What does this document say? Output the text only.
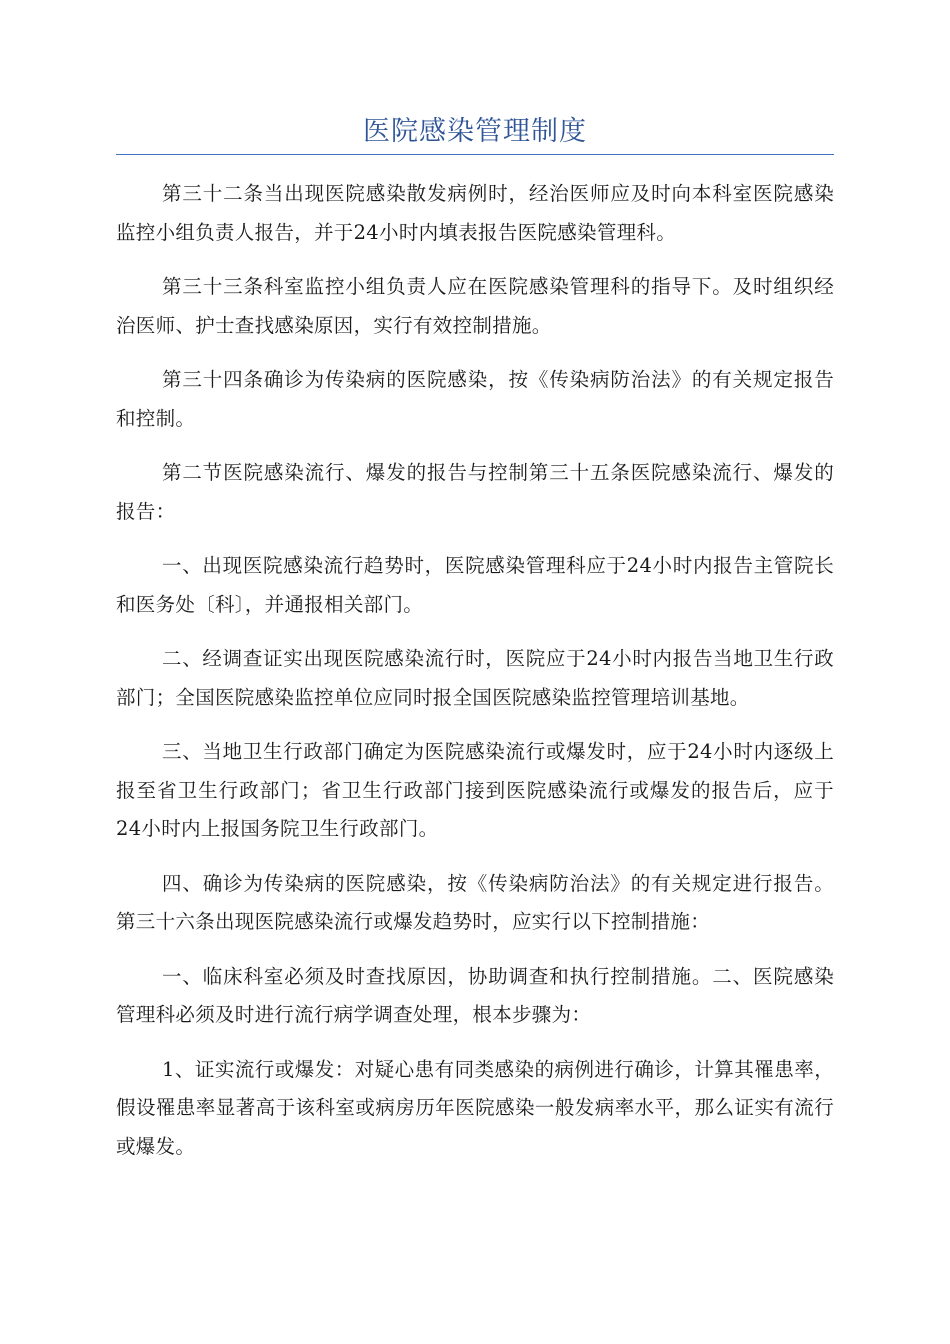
医院感染管理制度

第三十二条当出现医院感染散发病例时，经治医师应及时向本科室医院感染监控小组负责人报告，并于24小时内填表报告医院感染管理科。

第三十三条科室监控小组负责人应在医院感染管理科的指导下。及时组织经治医师、护士查找感染原因，实行有效控制措施。

第三十四条确诊为传染病的医院感染，按《传染病防治法》的有关规定报告和控制。

第二节医院感染流行、爆发的报告与控制第三十五条医院感染流行、爆发的报告：

一、出现医院感染流行趋势时，医院感染管理科应于24小时内报告主管院长和医务处〔科〕，并通报相关部门。

二、经调查证实出现医院感染流行时，医院应于24小时内报告当地卫生行政部门；全国医院感染监控单位应同时报全国医院感染监控管理培训基地。

三、当地卫生行政部门确定为医院感染流行或爆发时，应于24小时内逐级上报至省卫生行政部门；省卫生行政部门接到医院感染流行或爆发的报告后，应于24小时内上报国务院卫生行政部门。

四、确诊为传染病的医院感染，按《传染病防治法》的有关规定进行报告。第三十六条出现医院感染流行或爆发趋势时，应实行以下控制措施：

一、临床科室必须及时查找原因，协助调查和执行控制措施。二、医院感染管理科必须及时进行流行病学调查处理，根本步骤为：

1、证实流行或爆发：对疑心患有同类感染的病例进行确诊，计算其罹患率，假设罹患率显著高于该科室或病房历年医院感染一般发病率水平，那么证实有流行或爆发。
